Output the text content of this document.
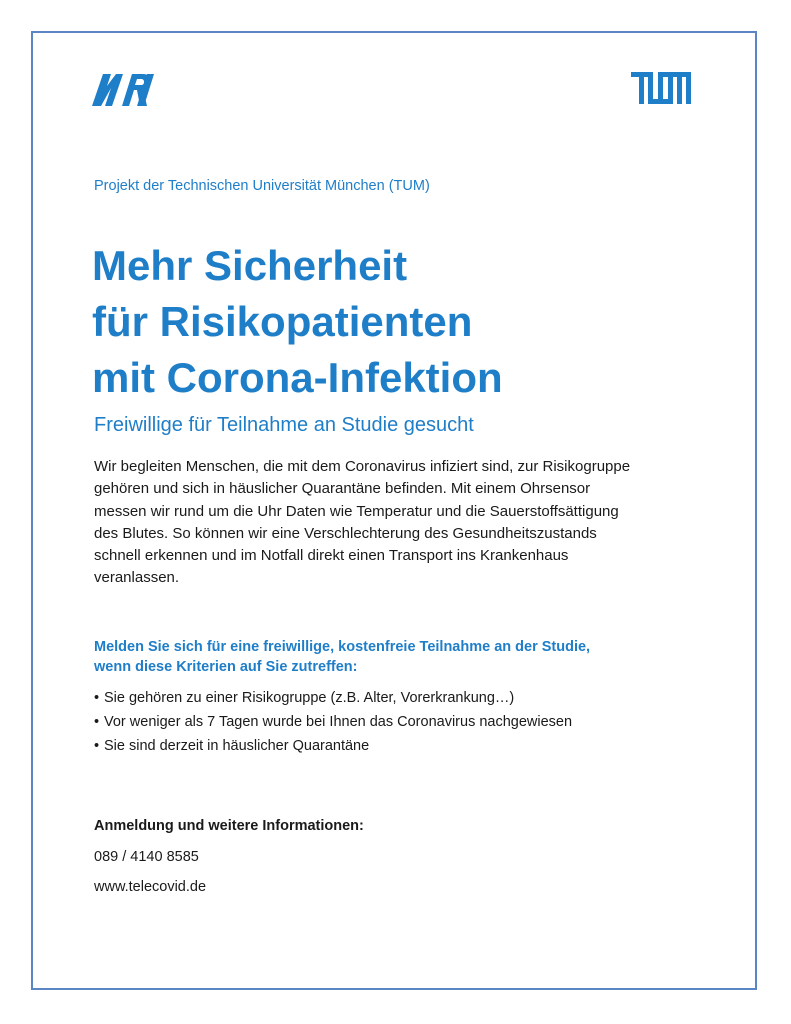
Projekt der Technischen Universität München (TUM)
Mehr Sicherheit
für Risikopatienten
mit Corona-Infektion
Freiwillige für Teilnahme an Studie gesucht
Wir begleiten Menschen, die mit dem Coronavirus infiziert sind, zur Risikogruppe
gehören und sich in häuslicher Quarantäne befinden. Mit einem Ohrsensor
messen wir rund um die Uhr Daten wie Temperatur und die Sauerstoffsättigung
des Blutes. So können wir eine Verschlechterung des Gesundheitszustands
schnell erkennen und im Notfall direkt einen Transport ins Krankenhaus
veranlassen.
Melden Sie sich für eine freiwillige, kostenfreie Teilnahme an der Studie,
wenn diese Kriterien auf Sie zutreffen:
• Sie gehören zu einer Risikogruppe (z.B. Alter, Vorerkrankung…)
• Vor weniger als 7 Tagen wurde bei Ihnen das Coronavirus nachgewiesen
• Sie sind derzeit in häuslicher Quarantäne
Anmeldung und weitere Informationen:
089 / 4140 8585
www.telecovid.de
